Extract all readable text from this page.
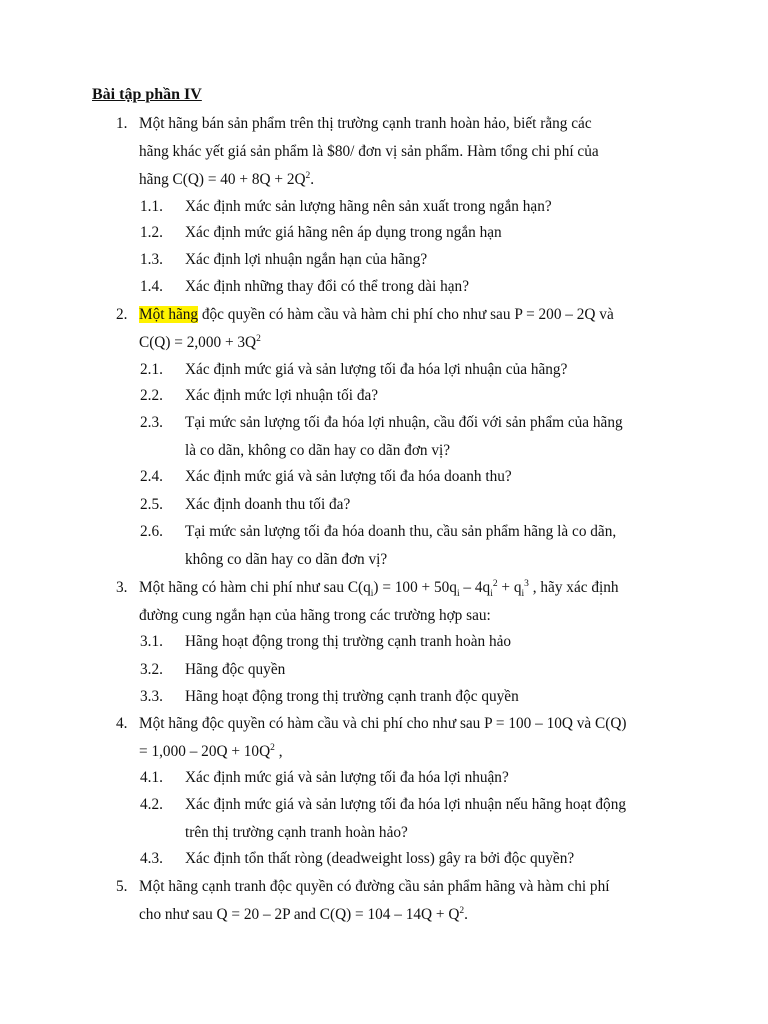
Bài tập phần IV
1. Một hãng bán sản phẩm trên thị trường cạnh tranh hoàn hảo, biết rằng các
hãng khác yết giá sản phẩm là $80/ đơn vị sản phẩm. Hàm tổng chi phí của
hãng $C(Q) = 40 + 8Q + 2Q^2$.
1.1. Xác định mức sản lượng hãng nên sản xuất trong ngắn hạn?
1.2. Xác định mức giá hãng nên áp dụng trong ngắn hạn
1.3. Xác định lợi nhuận ngắn hạn của hãng?
1.4. Xác định những thay đổi có thể trong dài hạn?
2. Một hãng độc quyền có hàm cầu và hàm chi phí cho như sau P = 200 – 2Q và
$C(Q) = 2,000 + 3Q^2$
2.1. Xác định mức giá và sản lượng tối đa hóa lợi nhuận của hãng?
2.2. Xác định mức lợi nhuận tối đa?
2.3. Tại mức sản lượng tối đa hóa lợi nhuận, cầu đối với sản phẩm của hãng
là co dãn, không co dãn hay co dãn đơn vị?
2.4. Xác định mức giá và sản lượng tối đa hóa doanh thu?
2.5. Xác định doanh thu tối đa?
2.6. Tại mức sản lượng tối đa hóa doanh thu, cầu sản phẩm hãng là co dãn,
không co dãn hay co dãn đơn vị?
3. Một hãng có hàm chi phí như sau $C(q_i) = 100 + 50q_i - 4q_i^2 + q_i^3$ , hãy xác định
đường cung ngắn hạn của hãng trong các trường hợp sau:
3.1. Hãng hoạt động trong thị trường cạnh tranh hoàn hảo
3.2. Hãng độc quyền
3.3. Hãng hoạt động trong thị trường cạnh tranh độc quyền
4. Một hãng độc quyền có hàm cầu và chi phí cho như sau P = 100 – 10Q và C(Q)
= $1,000 - 20Q + 10Q^2$ ,
4.1. Xác định mức giá và sản lượng tối đa hóa lợi nhuận?
4.2. Xác định mức giá và sản lượng tối đa hóa lợi nhuận nếu hãng hoạt động
trên thị trường cạnh tranh hoàn hảo?
4.3. Xác định tổn thất ròng (deadweight loss) gây ra bởi độc quyền?
5. Một hãng cạnh tranh độc quyền có đường cầu sản phẩm hãng và hàm chi phí
cho như sau Q = 20 – 2P and $C(Q) = 104 - 14Q + Q^2$.
